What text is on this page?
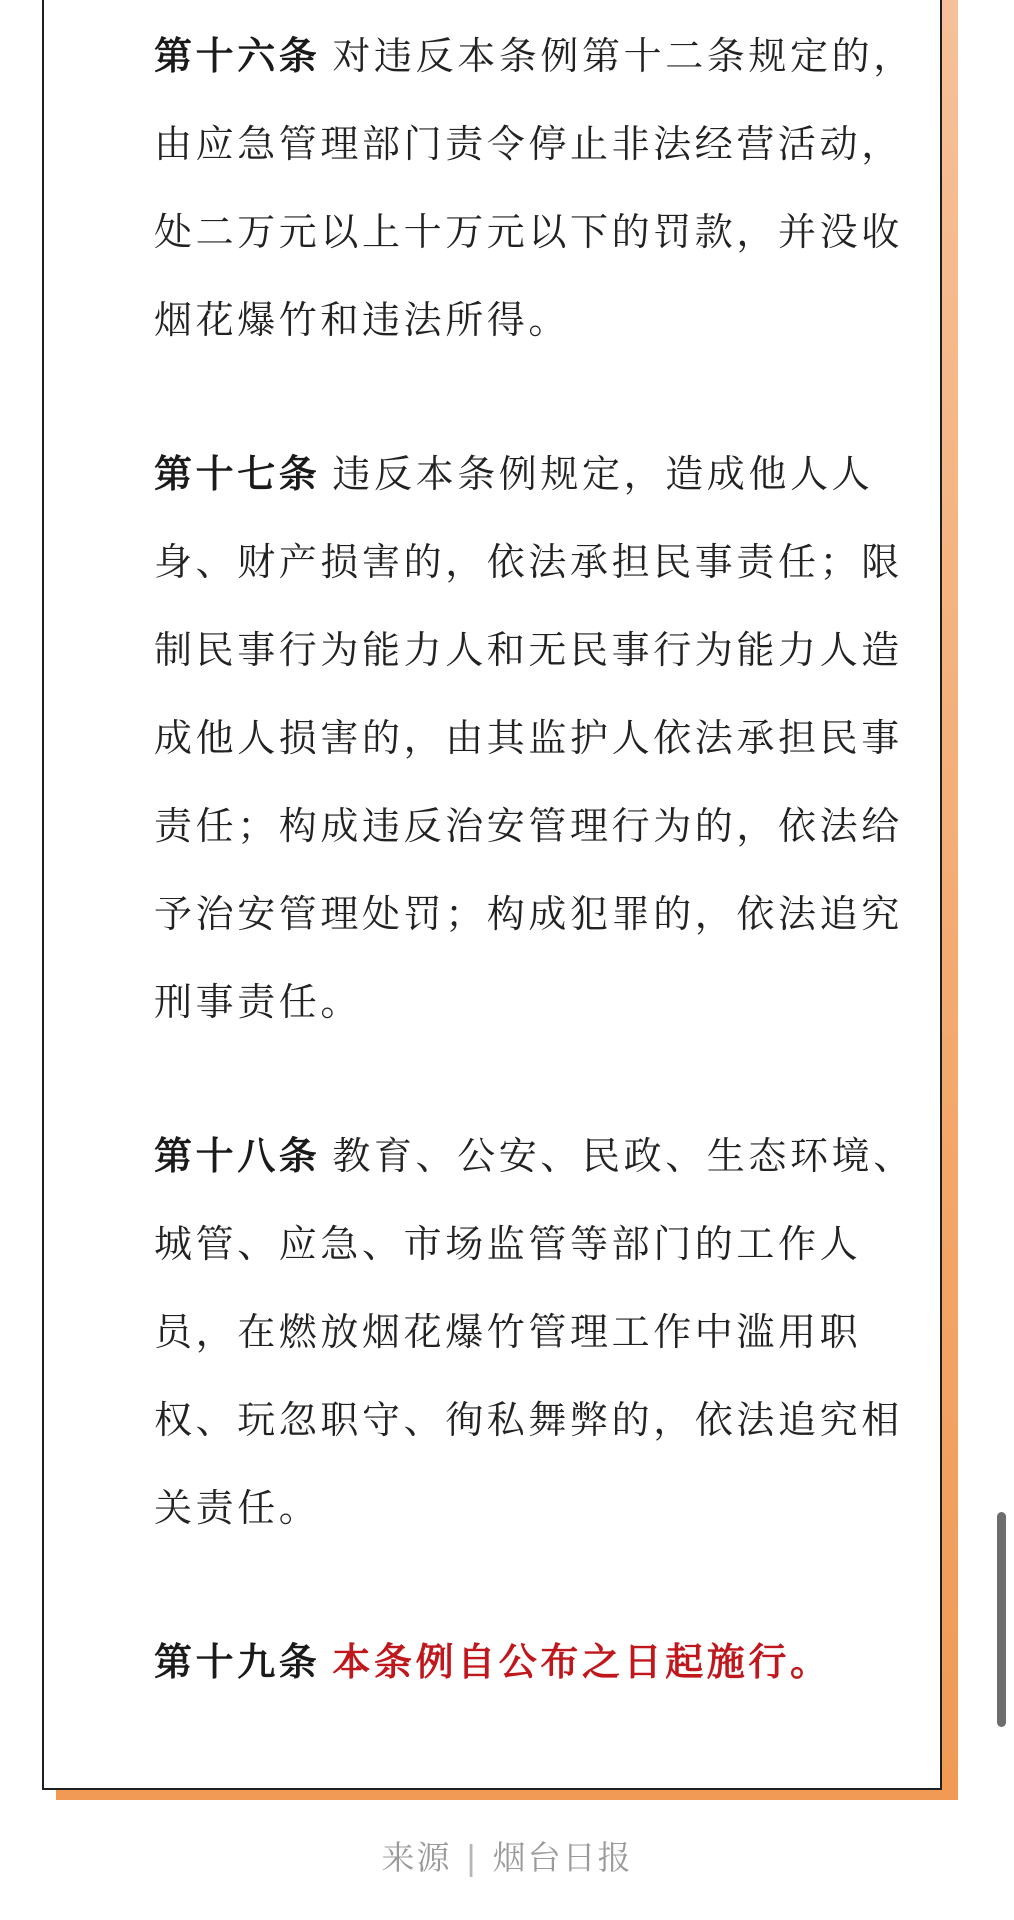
第十六条 对违反本条例第十二条规定的，由应急管理部门责令停止非法经营活动，处二万元以上十万元以下的罚款，并没收烟花爆竹和违法所得。

第十七条 违反本条例规定，造成他人人身、财产损害的，依法承担民事责任；限制民事行为能力人和无民事行为能力人造成他人损害的，由其监护人依法承担民事责任；构成违反治安管理行为的，依法给予治安管理处罚；构成犯罪的，依法追究刑事责任。

第十八条 教育、公安、民政、生态环境、城管、应急、市场监管等部门的工作人员，在燃放烟花爆竹管理工作中滥用职权、玩忽职守、徇私舞弊的，依法追究相关责任。

第十九条 本条例自公布之日起施行。

来源 | 烟台日报
